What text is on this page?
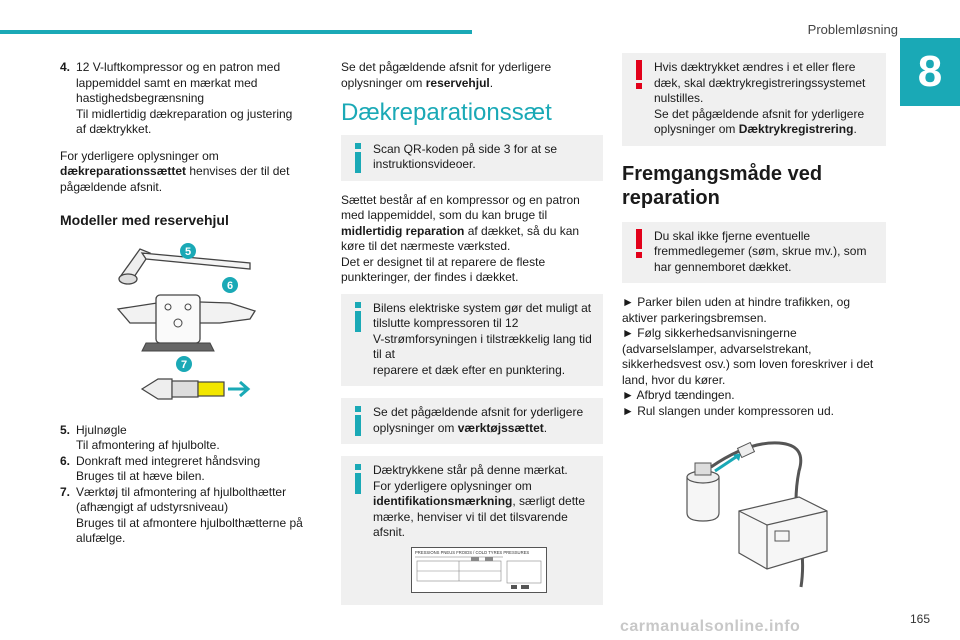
Problemløsning
8
4. 12 V-luftkompressor og en patron med
lappemiddel samt en mærkat med
hastighedsbegrænsning
Til midlertidig dækreparation og justering
af dæktrykket.

For yderligere oplysninger om
dækreparationssættet henvises der til det
pågældende afsnit.

Modeller med reservehjul
5
6
7
5. Hjulnøgle
Til afmontering af hjulbolte.
6. Donkraft med integreret håndsving
Bruges til at hæve bilen.
7. Værktøj til afmontering af hjulbolthætter
(afhængigt af udstyrsniveau)
Bruges til at afmontere hjulbolthætterne på
alufælge.

Se det pågældende afsnit for yderligere
oplysninger om reservehjul.

Dækreparationssæt

Scan QR-koden på side 3 for at se
instruktionsvideoer.

Sættet består af en kompressor og en patron
med lappemiddel, som du kan bruge til
midlertidig reparation af dækket, så du kan
køre til det nærmeste værksted.
Det er designet til at reparere de fleste
punkteringer, der findes i dækket.

Bilens elektriske system gør det muligt at
tilslutte kompressoren til 12
V-strømforsyningen i tilstrækkelig lang tid til at
reparere et dæk efter en punktering.

Se det pågældende afsnit for yderligere
oplysninger om værktøjssættet.

Dæktrykkene står på denne mærkat.
For yderligere oplysninger om
identifikationsmærkning, særligt dette
mærke, henviser vi til det tilsvarende afsnit.

PRESSIONS PNEUS FROIDS / COLD TYRES PRESSURES

Hvis dæktrykket ændres i et eller flere
dæk, skal dæktrykregistreringssystemet
nulstilles.
Se det pågældende afsnit for yderligere
oplysninger om Dæktrykregistrering.

Fremgangsmåde ved
reparation

Du skal ikke fjerne eventuelle
fremmedlegemer (søm, skrue mv.), som
har gennemboret dækket.

► Parker bilen uden at hindre trafikken, og
aktiver parkeringsbremsen.
► Følg sikkerhedsanvisningerne
(advarselslamper, advarselstrekant,
sikkerhedsvest osv.) som loven foreskriver i det
land, hvor du kører.
► Afbryd tændingen.
► Rul slangen under kompressoren ud.

carmanualsonline.info	165
